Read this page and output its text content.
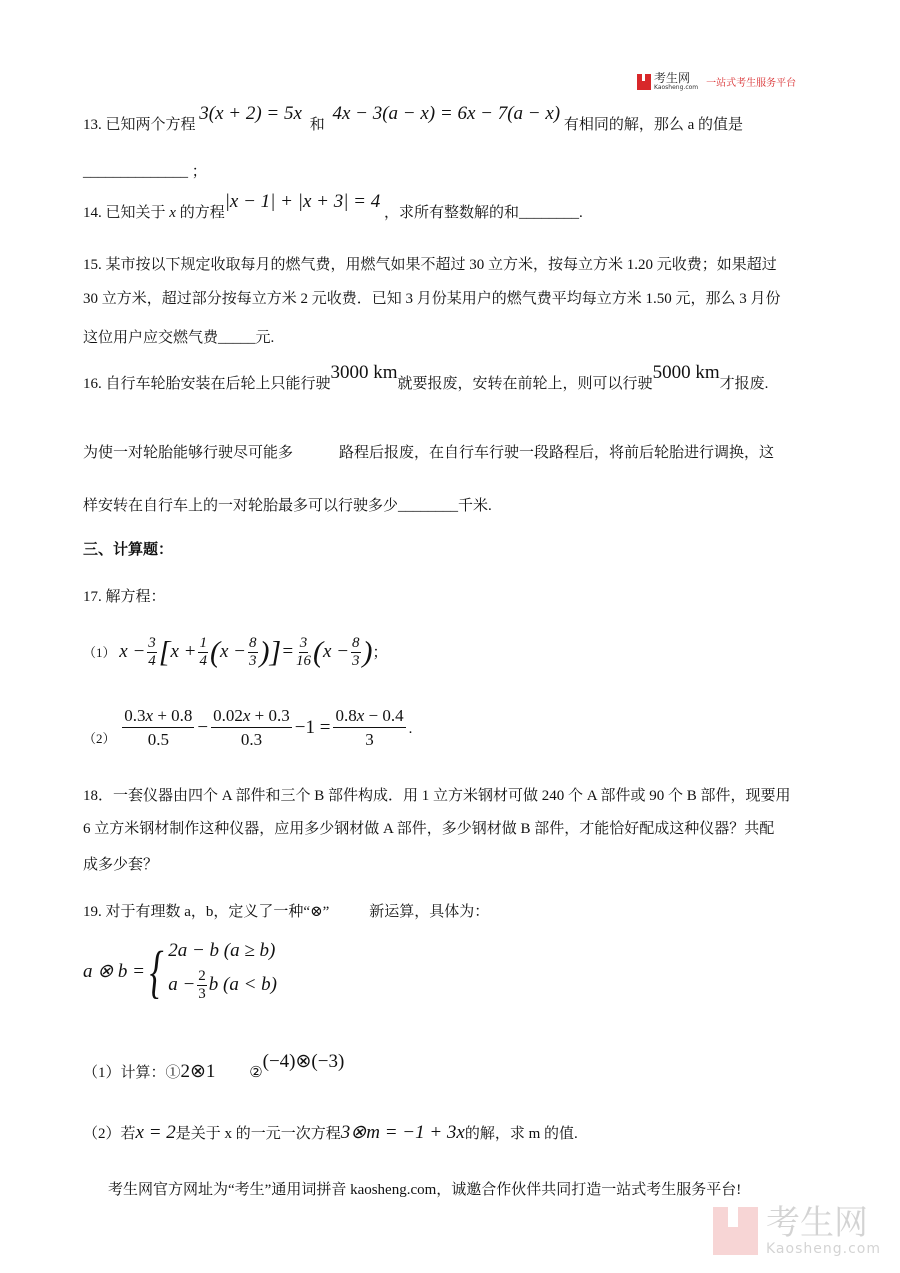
考生网
Kaosheng.com 一站式考生服务平台
13. 已知两个方程 3(x + 2) = 5x 和 4x − 3(a − x) = 6x − 7(a − x) 有相同的解，那么 a 的值是
______________ ；
14. 已知关于 x 的方程|x − 1| + |x + 3| = 4 ，求所有整数解的和________.
15. 某市按以下规定收取每月的燃气费，用燃气如果不超过 30 立方米，按每立方米 1.20 元收费；如果超过
30 立方米，超过部分按每立方米 2 元收费．已知 3 月份某用户的燃气费平均每立方米 1.50 元，那么 3 月份
这位用户应交燃气费_____元.
16. 自行车轮胎安装在后轮上只能行驶3000 km就要报废，安转在前轮上，则可以行驶5000 km才报废.
为使一对轮胎能够行驶尽可能多	路程后报废，在自行车行驶一段路程后，将前后轮胎进行调换，这
样安转在自行车上的一对轮胎最多可以行驶多少________千米.
三、计算题：
17. 解方程：
（1） $x - \frac{3}{4} [x + \frac{1}{4} (x - \frac{8}{3}$ )]= $\frac{3}{16} (x - \frac{8}{3}$ )；
$(2) \frac{0.3x + 0.8}{0.5} - \frac{0.02x + 0.3}{0.3} -1 = \frac{0.8x - 0.4}{3}$ .
18．一套仪器由四个 A 部件和三个 B 部件构成．用 1 立方米钢材可做 240 个 A 部件或 90 个 B 部件，现要用
6 立方米钢材制作这种仪器，应用多少钢材做 A 部件，多少钢材做 B 部件，才能恰好配成这种仪器？共配
成多少套？
19. 对于有理数 a，b，定义了一种“⊗”	新运算，具体为：
a ⊗ b = { 2a − b (a ≥ b)
$a - \frac{2}{3}$ b (a < b)
（1）计算：①2⊗1 ②(−4)⊗(−3)
（2）若x = 2是关于 x 的一元一次方程3⊗m = −1 + 3x的解，求 m 的值.
考生网官方网址为“考生”通用词拼音 kaosheng.com，诚邀合作伙伴共同打造一站式考生服务平台!
考生网
Kaosheng.com
